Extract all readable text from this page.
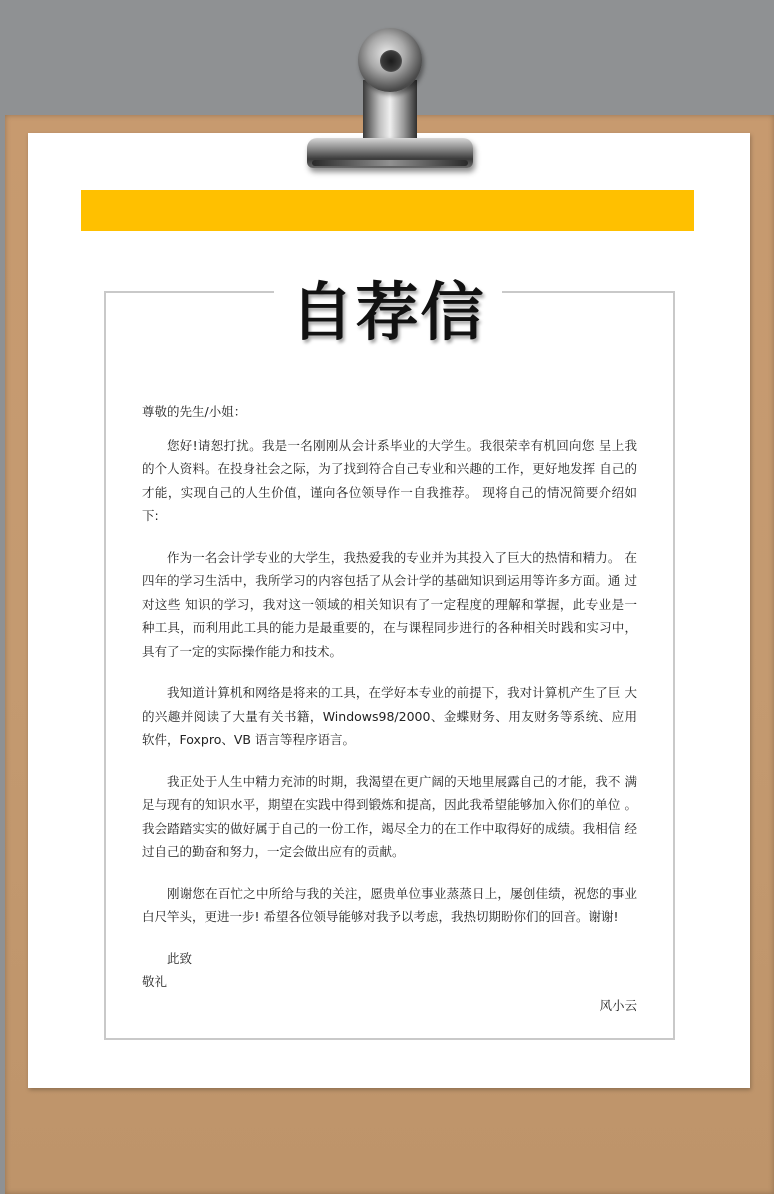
自荐信

尊敬的先生/小姐：

您好!请恕打扰。我是一名刚刚从会计系毕业的大学生。我很荣幸有机回向您 呈上我的个人资料。在投身社会之际，为了找到符合自己专业和兴趣的工作，更好地发挥 自己的才能，实现自己的人生价值，谨向各位领导作一自我推荐。 现将自己的情况简要介绍如下:

作为一名会计学专业的大学生，我热爱我的专业并为其投入了巨大的热情和精力。 在四年的学习生活中，我所学习的内容包括了从会计学的基础知识到运用等许多方面。通 过对这些 知识的学习，我对这一领域的相关知识有了一定程度的理解和掌握，此专业是一 种工具，而利用此工具的能力是最重要的，在与课程同步进行的各种相关时践和实习中， 具有了一定的实际操作能力和技术。

我知道计算机和网络是将来的工具，在学好本专业的前提下，我对计算机产生了巨 大的兴趣并阅读了大量有关书籍，Windows98/2000、金蝶财务、用友财务等系统、应用 软件，Foxpro、VB 语言等程序语言。

我正处于人生中精力充沛的时期，我渴望在更广阔的天地里展露自己的才能，我不 满足与现有的知识水平，期望在实践中得到锻炼和提高，因此我希望能够加入你们的单位 。我会踏踏实实的做好属于自己的一份工作，竭尽全力的在工作中取得好的成绩。我相信 经过自己的勤奋和努力，一定会做出应有的贡献。

刚谢您在百忙之中所给与我的关注，愿贵单位事业蒸蒸日上，屡创佳绩，祝您的事业 白尺竿头，更进一步! 希望各位领导能够对我予以考虑，我热切期盼你们的回音。谢谢!

此致

敬礼

风小云
